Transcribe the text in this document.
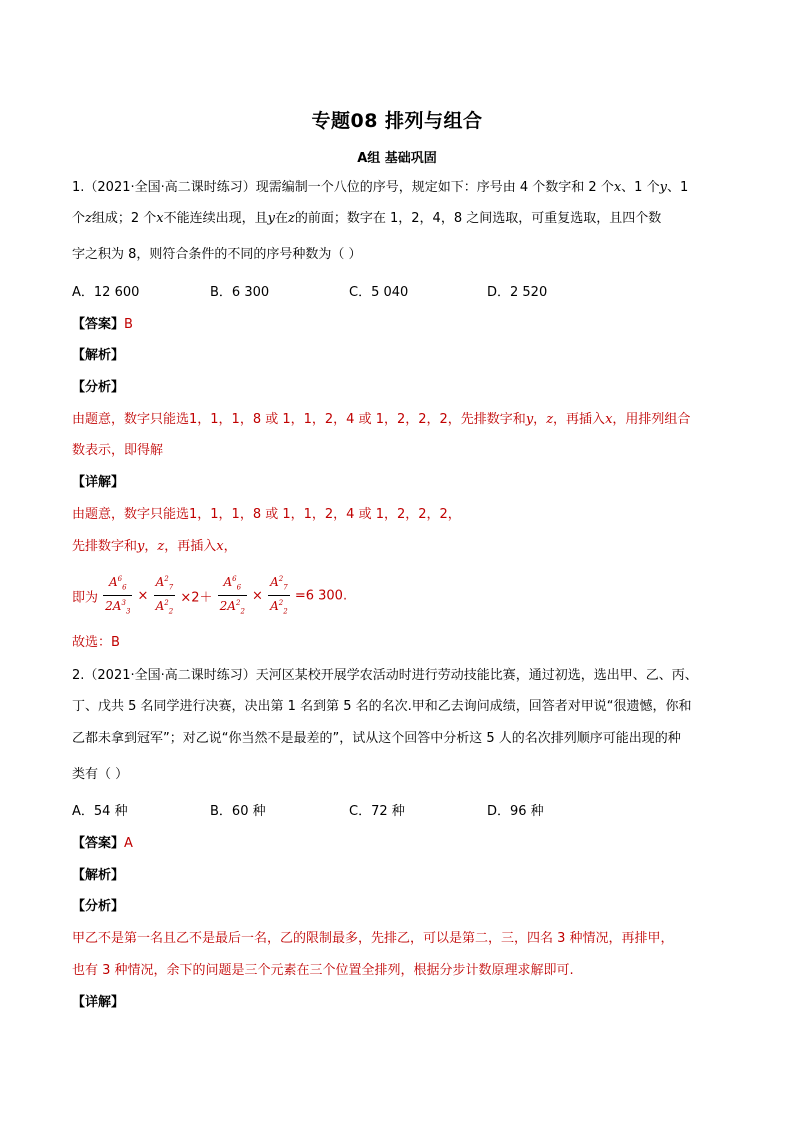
专题08 排列与组合
A组 基础巩固
1.（2021·全国·高二课时练习）现需编制一个八位的序号，规定如下：序号由 4 个数字和 2 个x、1 个y、1
个z组成；2 个x不能连续出现，且y在z的前面；数字在 1，2，4，8 之间选取，可重复选取，且四个数
字之积为 8，则符合条件的不同的序号种数为（ ）
A．12 600	B．6 300	C．5 040	D．2 520
【答案】B
【解析】
【分析】
由题意，数字只能选1，1，1，8 或 1，1，2，4 或 1，2，2，2，先排数字和y，z，再插入x，用排列组合
数表示，即得解
【详解】
由题意，数字只能选1，1，1，8 或 1，1，2，4 或 1，2，2，2，
先排数字和y，z，再插入x，
即为 $\frac{A^6_6}{2A^3_3} \times \frac{A^2_7}{A^2_2} \times 2+ \frac{A^6_6}{2A^2_2} \times \frac{A^2_7}{A^2_2} =6$ 300.
故选：B
2.（2021·全国·高二课时练习）天河区某校开展学农活动时进行劳动技能比赛，通过初选，选出甲、乙、丙、
丁、戊共 5 名同学进行决赛，决出第 1 名到第 5 名的名次.甲和乙去询问成绩，回答者对甲说“很遗憾，你和
乙都未拿到冠军”；对乙说“你当然不是最差的”，试从这个回答中分析这 5 人的名次排列顺序可能出现的种
类有（ ）
A．54 种	B．60 种	C．72 种	D．96 种
【答案】A
【解析】
【分析】
甲乙不是第一名且乙不是最后一名，乙的限制最多，先排乙，可以是第二，三，四名 3 种情况，再排甲，
也有 3 种情况，余下的问题是三个元素在三个位置全排列，根据分步计数原理求解即可.
【详解】
